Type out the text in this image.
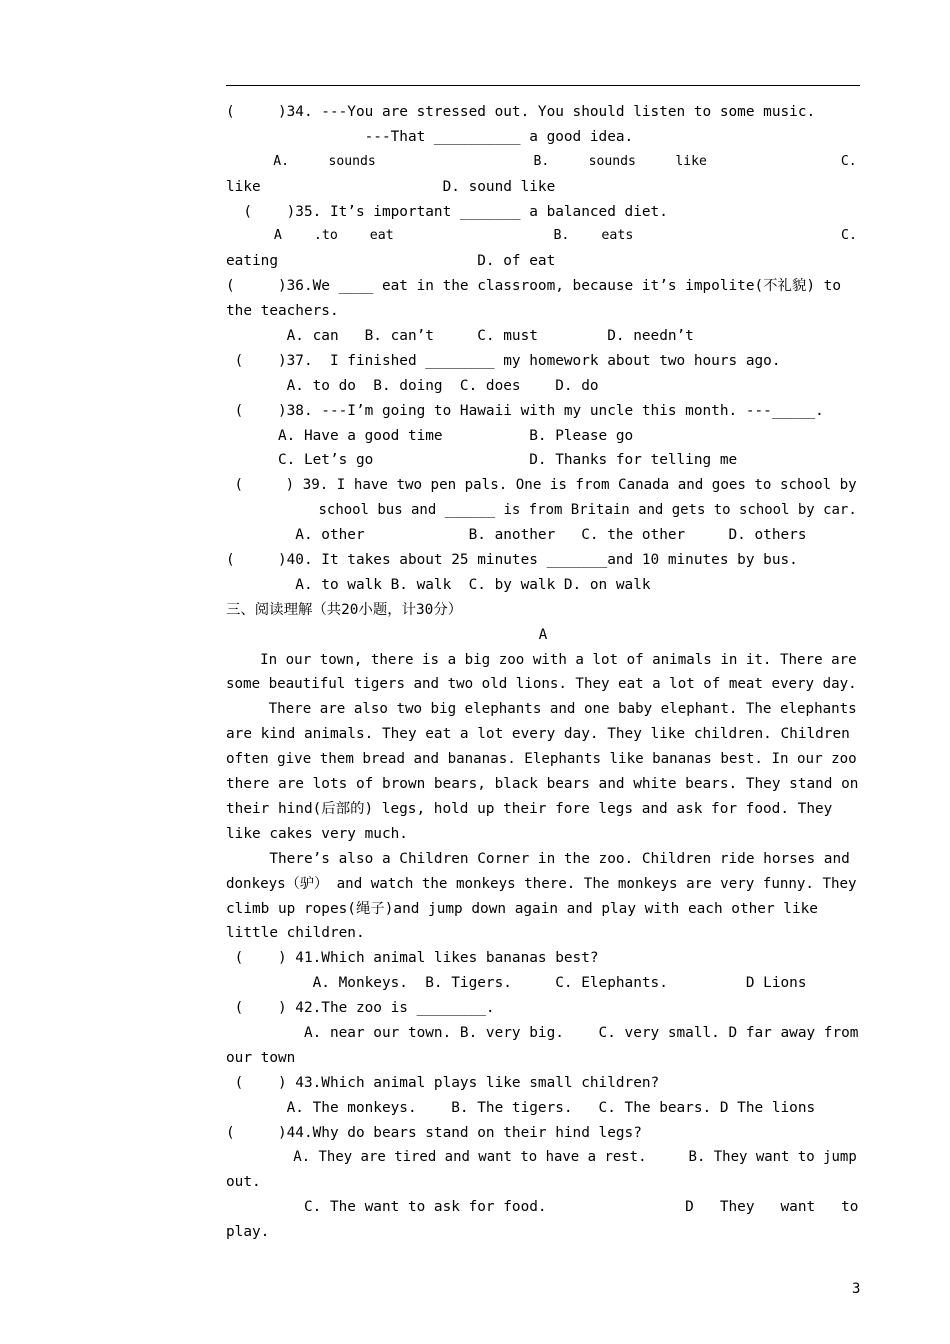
(     )34. ---You are stressed out. You should listen to some music.
---That __________ a good idea.
A.     sounds                    B.     sounds     like                 C.
like                     D. sound like
(    )35. It’s important _______ a balanced diet.
A    .to    eat                    B.    eats                          C.
eating                       D. of eat
(     )36.We ____ eat in the classroom, because it’s impolite(不礼貌) to
the teachers.
A. can   B. can’t     C. must        D. needn’t
(    )37.  I finished ________ my homework about two hours ago.
A. to do  B. doing  C. does    D. do
(    )38. ---I’m going to Hawaii with my uncle this month. ---_____.
A. Have a good time          B. Please go
C. Let’s go                  D. Thanks for telling me
(     ) 39. I have two pen pals. One is from Canada and goes to school by
school bus and ______ is from Britain and gets to school by car.
A. other            B. another   C. the other     D. others
(     )40. It takes about 25 minutes _______and 10 minutes by bus.
A. to walk B. walk  C. by walk D. on walk
三、阅读理解（共20小题，计30分）
A
In our town, there is a big zoo with a lot of animals in it. There are
some beautiful tigers and two old lions. They eat a lot of meat every day.
There are also two big elephants and one baby elephant. The elephants
are kind animals. They eat a lot every day. They like children. Children
often give them bread and bananas. Elephants like bananas best. In our zoo
there are lots of brown bears, black bears and white bears. They stand on
their hind(后部的) legs, hold up their fore legs and ask for food. They
like cakes very much.
There’s also a Children Corner in the zoo. Children ride horses and
donkeys（驴） and watch the monkeys there. The monkeys are very funny. They
climb up ropes(绳子)and jump down again and play with each other like
little children.
(    ) 41.Which animal likes bananas best?
A. Monkeys.  B. Tigers.     C. Elephants.         D Lions
(    ) 42.The zoo is ________.
A. near our town. B. very big.    C. very small. D far away from
our town
(    ) 43.Which animal plays like small children?
A. The monkeys.    B. The tigers.   C. The bears. D The lions
(     )44.Why do bears stand on their hind legs?
A. They are tired and want to have a rest.     B. They want to jump
out.
C. The want to ask for food.                D   They   want   to
play.
3
